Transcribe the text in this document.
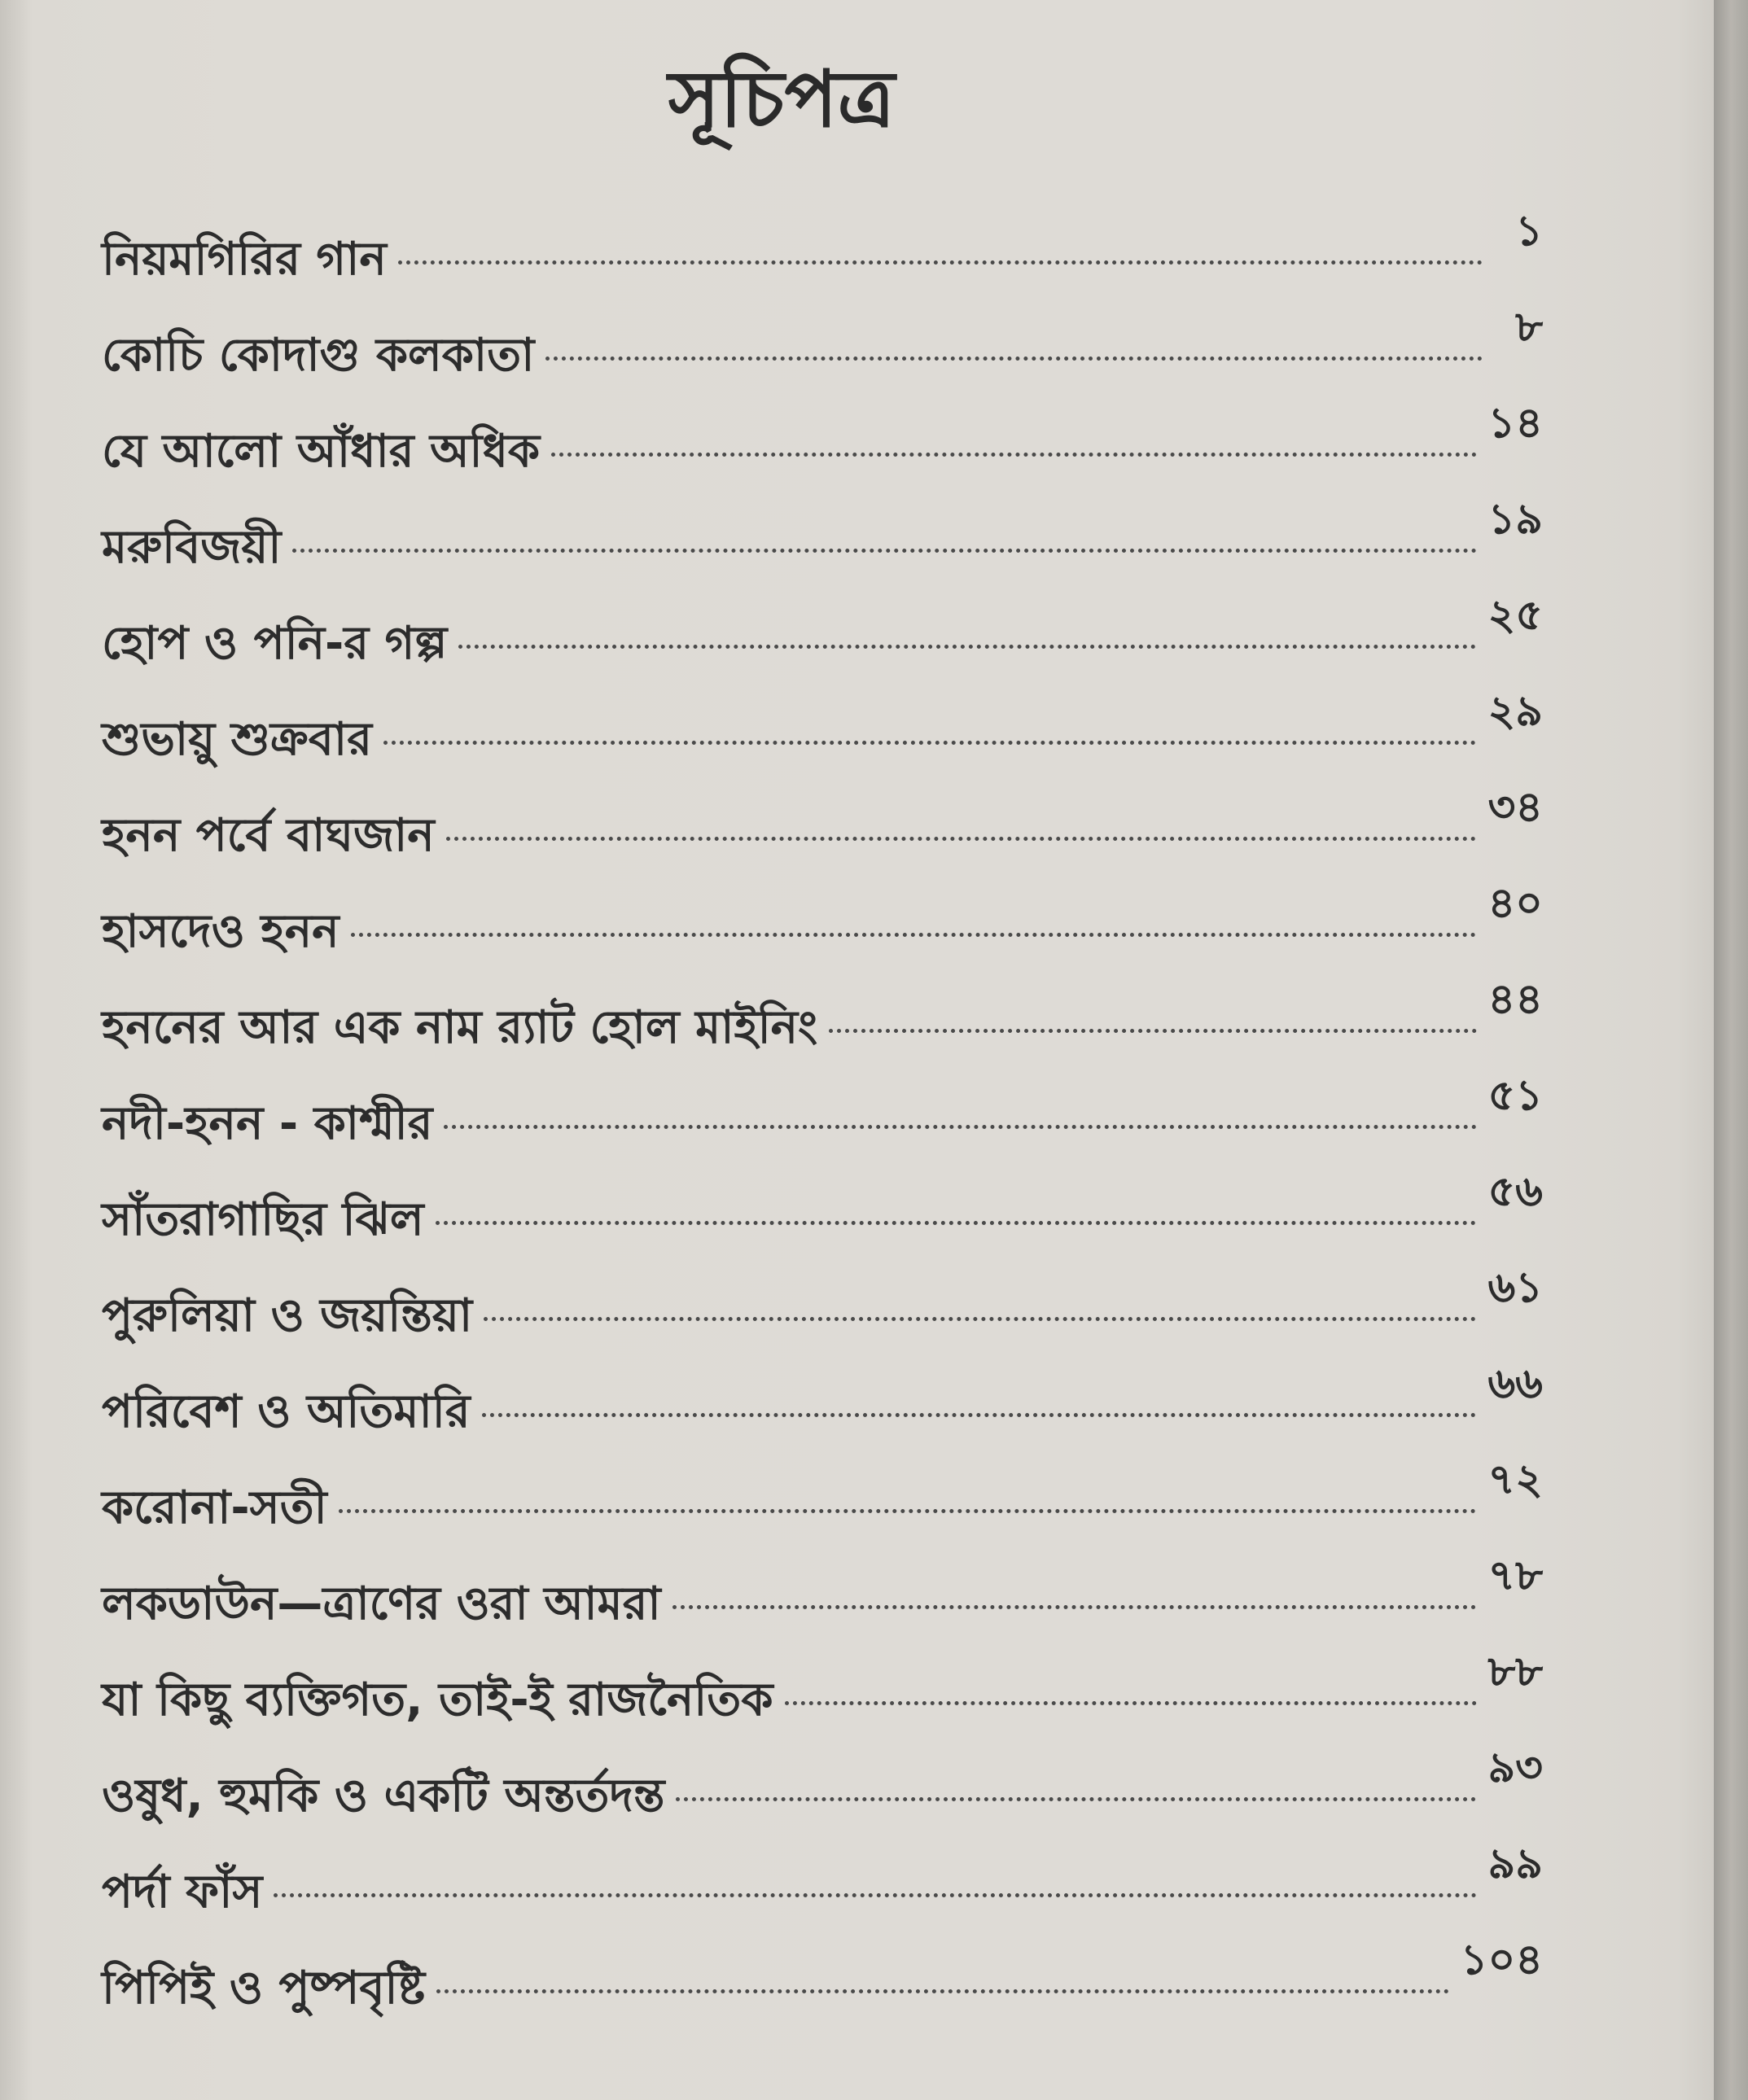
সূচিপত্র
নিয়মগিরির গান
১
কোচি কোদাগু কলকাতা
৮
যে আলো আঁধার অধিক
১৪
মরুবিজয়ী
১৯
হোপ ও পনি-র গল্প
২৫
শুভায়ু শুক্রবার
২৯
হনন পর্বে বাঘজান
৩৪
হাসদেও হনন
৪০
হননের আর এক নাম র‍্যাট হোল মাইনিং
৪৪
নদী-হনন - কাশ্মীর
৫১
সাঁতরাগাছির ঝিল
৫৬
পুরুলিয়া ও জয়ন্তিয়া
৬১
পরিবেশ ও অতিমারি
৬৬
করোনা-সতী
৭২
লকডাউন—ত্রাণের ওরা আমরা
৭৮
যা কিছু ব্যক্তিগত, তাই-ই রাজনৈতিক
৮৮
ওষুধ, হুমকি ও একটি অন্তর্তদন্ত
৯৩
পর্দা ফাঁস
৯৯
পিপিই ও পুষ্পবৃষ্টি
১০৪
